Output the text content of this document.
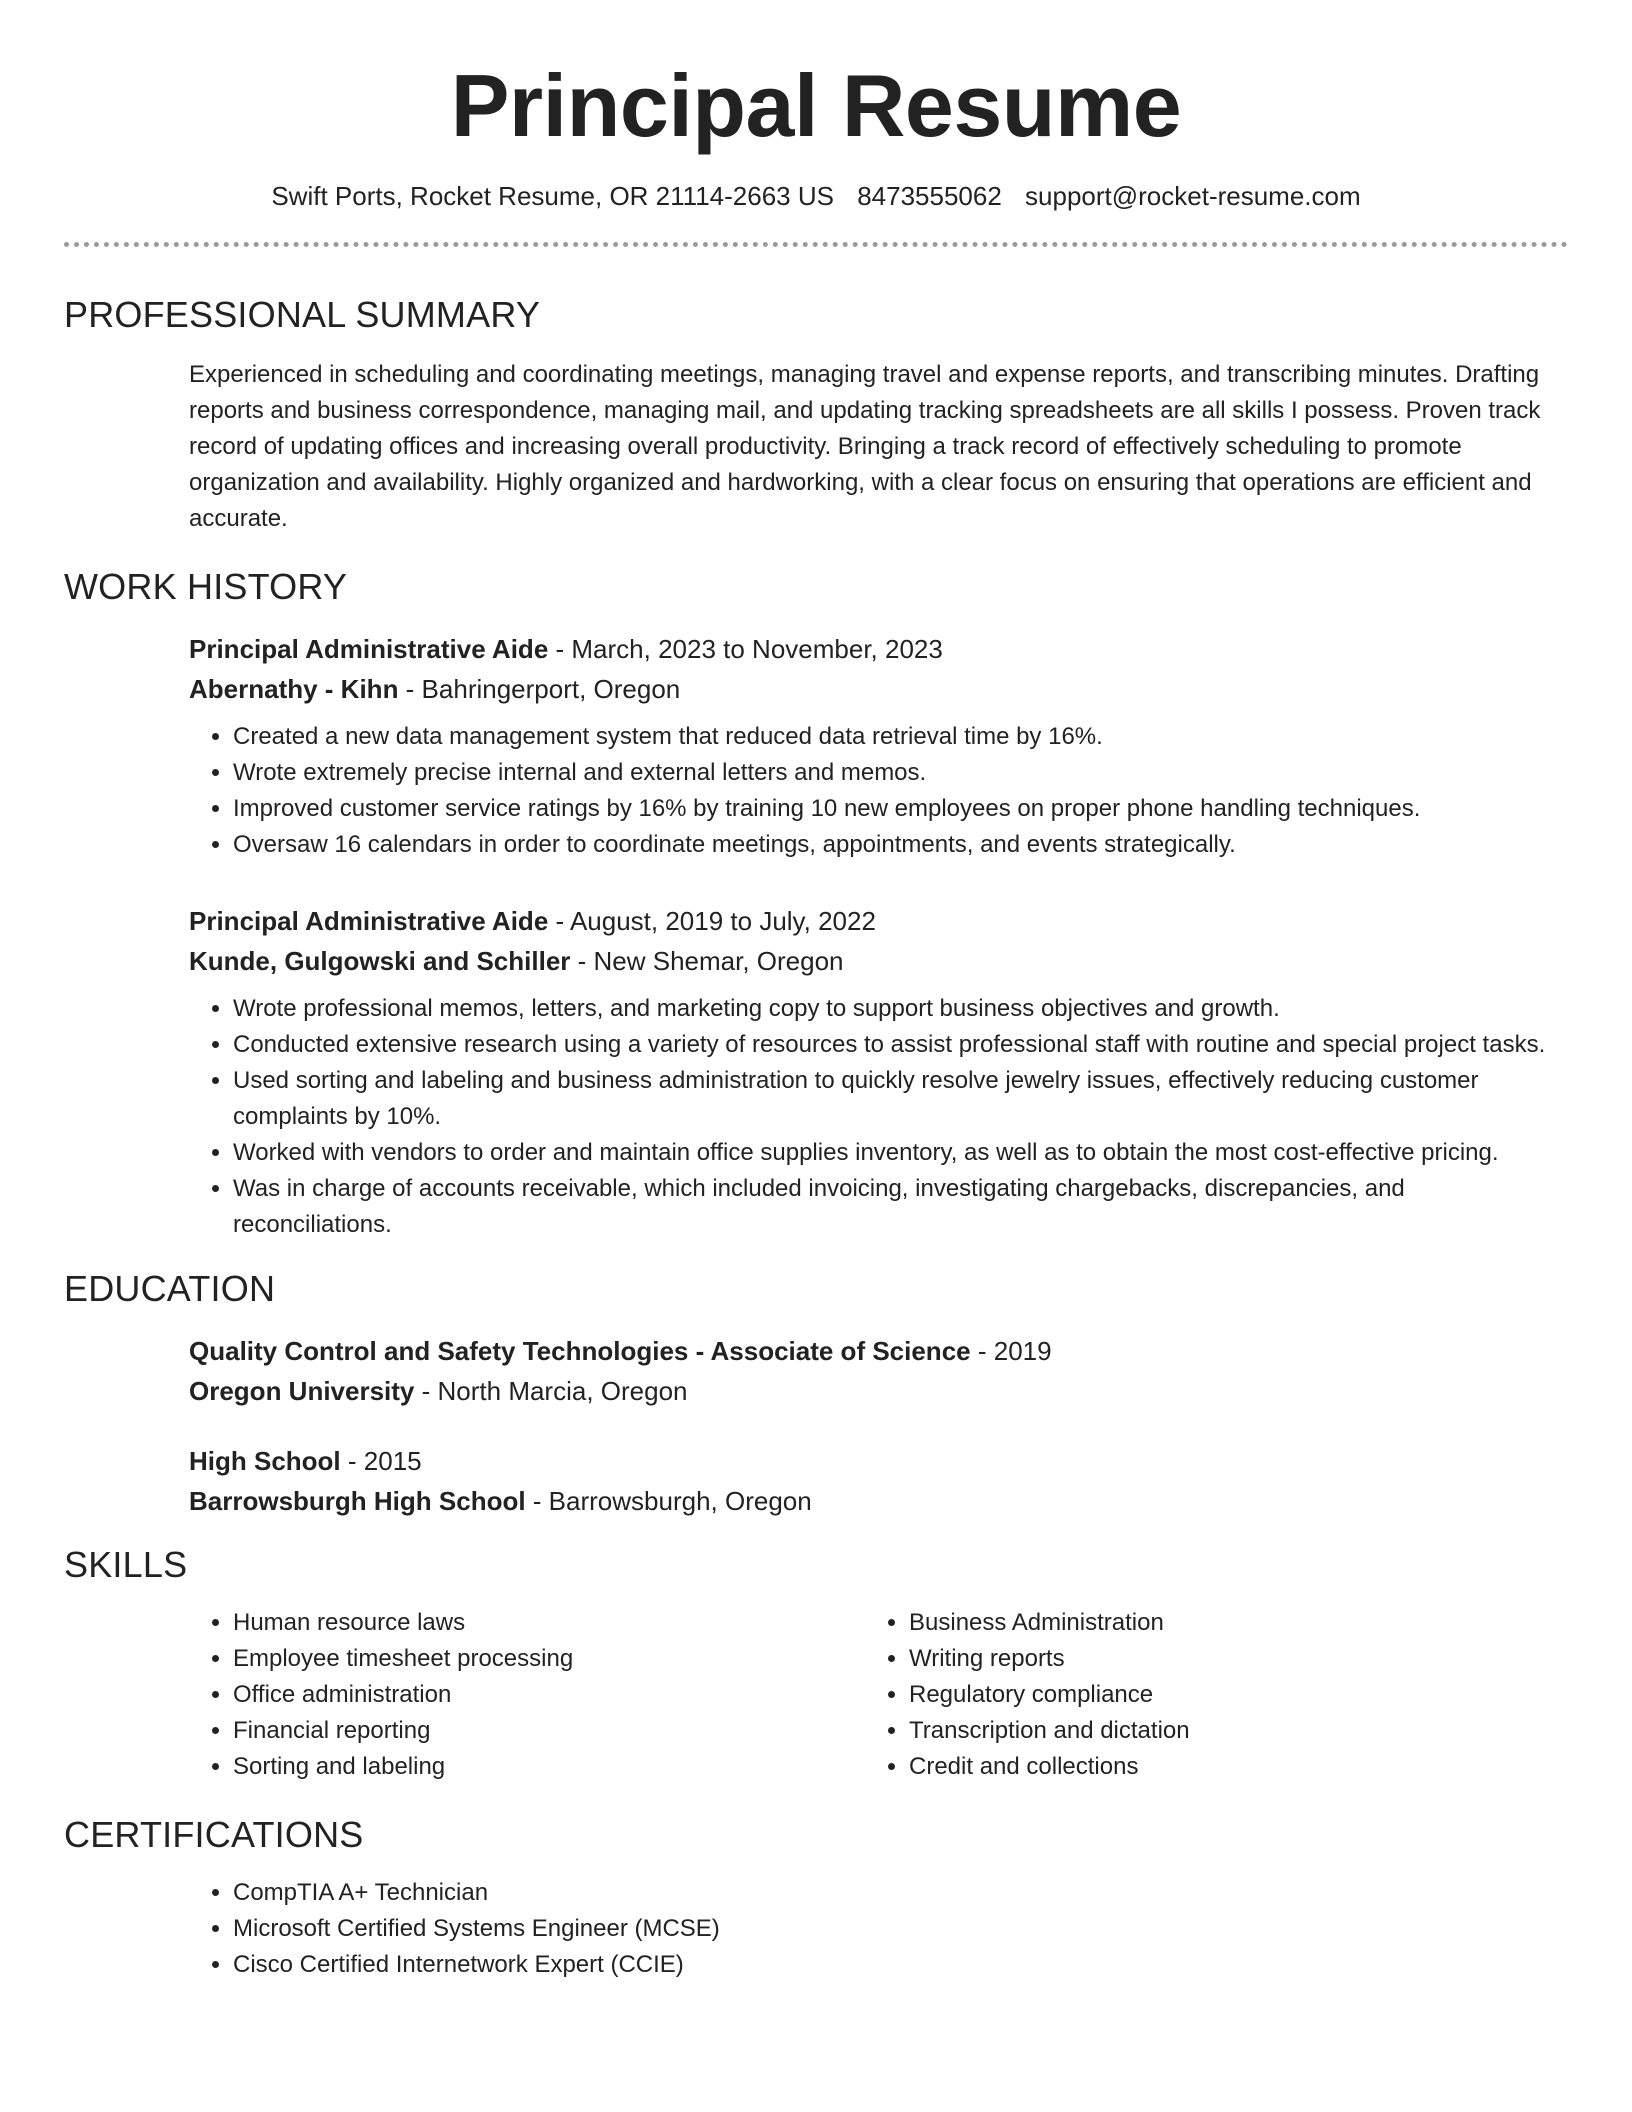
Principal Resume
Swift Ports, Rocket Resume, OR 21114-2663 US 8473555062 support@rocket-resume.com
PROFESSIONAL SUMMARY
Experienced in scheduling and coordinating meetings, managing travel and expense reports, and transcribing minutes. Drafting reports and business correspondence, managing mail, and updating tracking spreadsheets are all skills I possess. Proven track record of updating offices and increasing overall productivity. Bringing a track record of effectively scheduling to promote organization and availability. Highly organized and hardworking, with a clear focus on ensuring that operations are efficient and accurate.
WORK HISTORY
Principal Administrative Aide - March, 2023 to November, 2023
Abernathy - Kihn - Bahringerport, Oregon
• Created a new data management system that reduced data retrieval time by 16%.
• Wrote extremely precise internal and external letters and memos.
• Improved customer service ratings by 16% by training 10 new employees on proper phone handling techniques.
• Oversaw 16 calendars in order to coordinate meetings, appointments, and events strategically.
Principal Administrative Aide - August, 2019 to July, 2022
Kunde, Gulgowski and Schiller - New Shemar, Oregon
• Wrote professional memos, letters, and marketing copy to support business objectives and growth.
• Conducted extensive research using a variety of resources to assist professional staff with routine and special project tasks.
• Used sorting and labeling and business administration to quickly resolve jewelry issues, effectively reducing customer complaints by 10%.
• Worked with vendors to order and maintain office supplies inventory, as well as to obtain the most cost-effective pricing.
• Was in charge of accounts receivable, which included invoicing, investigating chargebacks, discrepancies, and reconciliations.
EDUCATION
Quality Control and Safety Technologies - Associate of Science - 2019
Oregon University - North Marcia, Oregon
High School - 2015
Barrowsburgh High School - Barrowsburgh, Oregon
SKILLS
• Human resource laws
• Employee timesheet processing
• Office administration
• Financial reporting
• Sorting and labeling
• Business Administration
• Writing reports
• Regulatory compliance
• Transcription and dictation
• Credit and collections
CERTIFICATIONS
• CompTIA A+ Technician
• Microsoft Certified Systems Engineer (MCSE)
• Cisco Certified Internetwork Expert (CCIE)
